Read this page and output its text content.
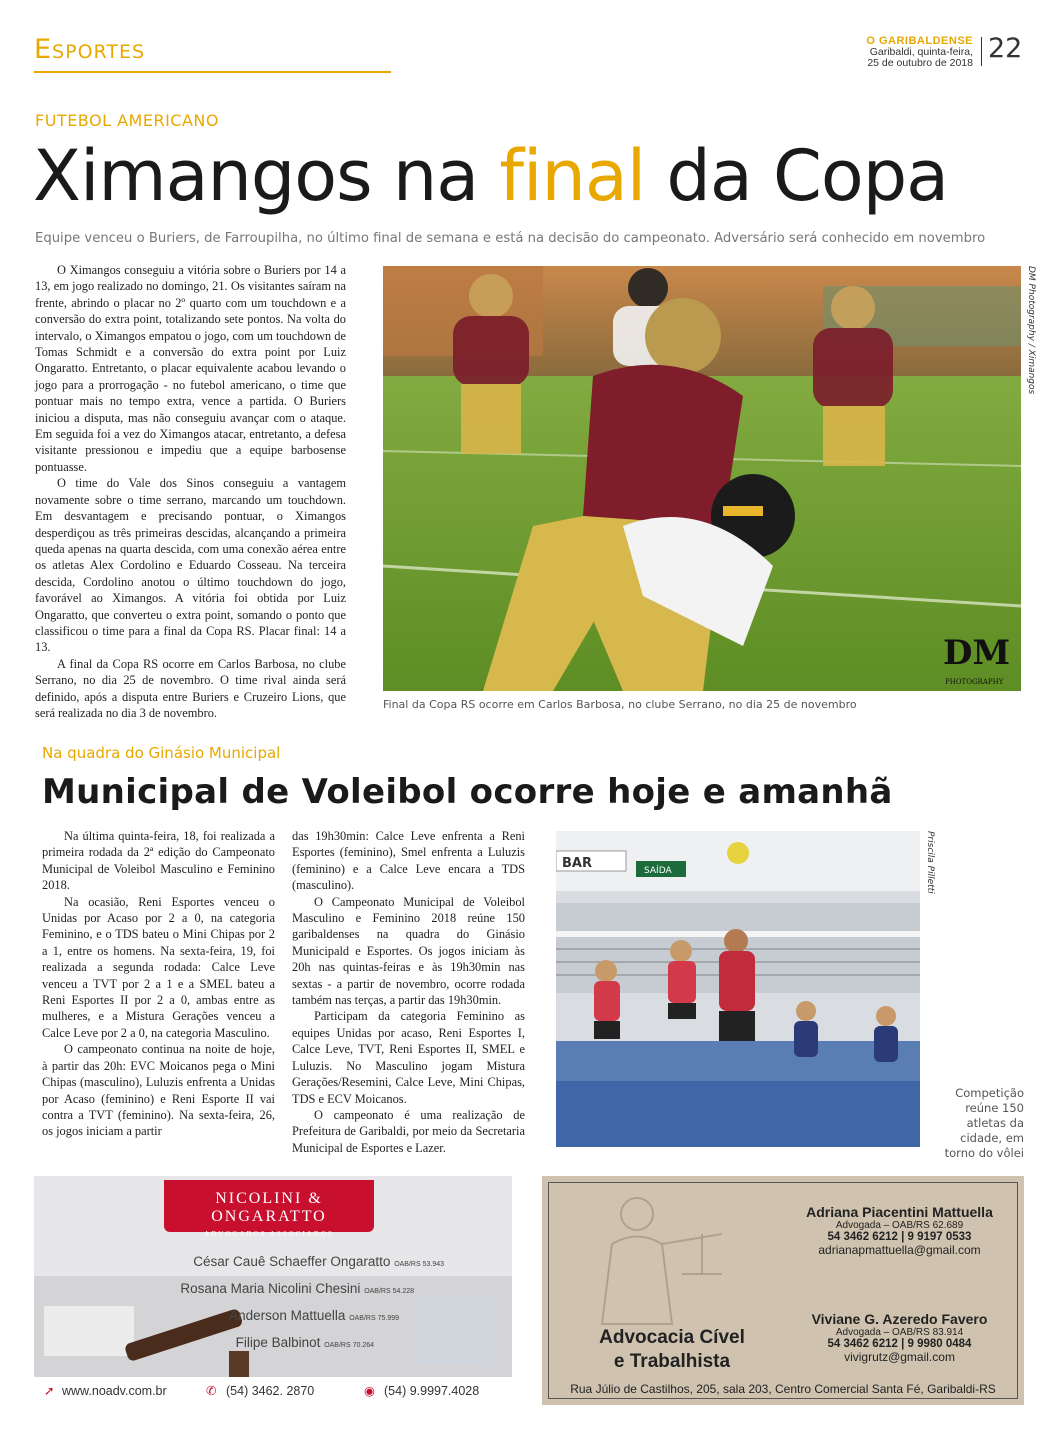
Esportes	O GARIBALDENSE
Garibaldi, quinta-feira,
25 de outubro de 2018 22
FUTEBOL AMERICANO
Ximangos na final da Copa
Equipe venceu o Buriers, de Farroupilha, no último final de semana e está na decisão do campeonato. Adversário será conhecido em novembro

O Ximangos conseguiu a vitória sobre o Buriers por 14 a 13, em jogo realizado no domingo, 21. Os visitantes saíram na frente, abrindo o placar no 2º quarto com um touchdown e a conversão do extra point, totalizando sete pontos. Na volta do intervalo, o Ximangos empatou o jogo, com um touchdown de Tomas Schmidt e a conversão do extra point por Luiz Ongaratto. Entretanto, o placar equivalente acabou levando o jogo para a prorrogação - no futebol americano, o time que pontuar mais no tempo extra, vence a partida. O Buriers iniciou a disputa, mas não conseguiu avançar com o ataque. Em seguida foi a vez do Ximangos atacar, entretanto, a defesa visitante pressionou e impediu que a equipe barbosense pontuasse.

O time do Vale dos Sinos conseguiu a vantagem novamente sobre o time serrano, marcando um touchdown. Em desvantagem e precisando pontuar, o Ximangos desperdiçou as três primeiras descidas, alcançando a primeira queda apenas na quarta descida, com uma conexão aérea entre os atletas Alex Cordolino e Eduardo Cosseau. Na terceira descida, Cordolino anotou o último touchdown do jogo, favorável ao Ximangos. A vitória foi obtida por Luiz Ongaratto, que converteu o extra point, somando o ponto que classificou o time para a final da Copa RS. Placar final: 14 a 13.

A final da Copa RS ocorre em Carlos Barbosa, no clube Serrano, no dia 25 de novembro. O time rival ainda será definido, após a disputa entre Buriers e Cruzeiro Lions, que será realizada no dia 3 de novembro.

DM
PHOTOGRAPHY
DM Photography / Ximangos
Final da Copa RS ocorre em Carlos Barbosa, no clube Serrano, no dia 25 de novembro
Na quadra do Ginásio Municipal
Municipal de Voleibol ocorre hoje e amanhã

Na última quinta-feira, 18, foi realizada a primeira rodada da 2ª edição do Campeonato Municipal de Voleibol Masculino e Feminino 2018.

Na ocasião, Reni Esportes venceu o Unidas por Acaso por 2 a 0, na categoria Feminino, e o TDS bateu o Mini Chipas por 2 a 1, entre os homens. Na sexta-feira, 19, foi realizada a segunda rodada: Calce Leve venceu a TVT por 2 a 1 e a SMEL bateu a Reni Esportes II por 2 a 0, ambas entre as mulheres, e a Mistura Gerações venceu a Calce Leve por 2 a 0, na categoria Masculino.

O campeonato continua na noite de hoje, à partir das 20h: EVC Moicanos pega o Mini Chipas (masculino), Luluzis enfrenta a Unidas por Acaso (feminino) e Reni Esporte II vai contra a TVT (feminino). Na sexta-feira, 26, os jogos iniciam a partir

das 19h30min: Calce Leve enfrenta a Reni Esportes (feminino), Smel enfrenta a Luluzis (feminino) e a Calce Leve encara a TDS (masculino).

O Campeonato Municipal de Voleibol Masculino e Feminino 2018 reúne 150 garibaldenses na quadra do Ginásio Municipald e Esportes. Os jogos iniciam às 20h nas quintas-feiras e às 19h30min nas sextas - a partir de novembro, ocorre rodada também nas terças, a partir das 19h30min.

Participam da categoria Feminino as equipes Unidas por acaso, Reni Esportes I, Calce Leve, TVT, Reni Esportes II, SMEL e Luluzis. No Masculino jogam Mistura Gerações/Resemini, Calce Leve, Mini Chipas, TDS e ECV Moicanos.

O campeonato é uma realização de Prefeitura de Garibaldi, por meio da Secretaria Municipal de Esportes e Lazer.

BAR	SAÍDA	Priscila Pilletti
Competição reúne 150 atletas da cidade, em torno do vôlei
NICOLINI & ONGARATTO
ADVOGADOS ASSOCIADOS
César Cauê Schaeffer Ongaratto OAB/RS 53.943
Rosana Maria Nicolini Chesini OAB/RS 54.228
Anderson Mattuella OAB/RS 75.999
Filipe Balbinot OAB/RS 70.264
➚ www.noadv.com.br	✆ (54) 3462. 2870	◉ (54) 9.9997.4028
Adriana Piacentini Mattuella
Advogada – OAB/RS 62.689
54 3462 6212 | 9 9197 0533
adrianapmattuella@gmail.com
Viviane G. Azeredo Favero
Advogada – OAB/RS 83.914
54 3462 6212 | 9 9980 0484
vivigrutz@gmail.com
Advocacia Cível
e Trabalhista
Rua Júlio de Castilhos, 205, sala 203, Centro Comercial Santa Fé, Garibaldi-RS
